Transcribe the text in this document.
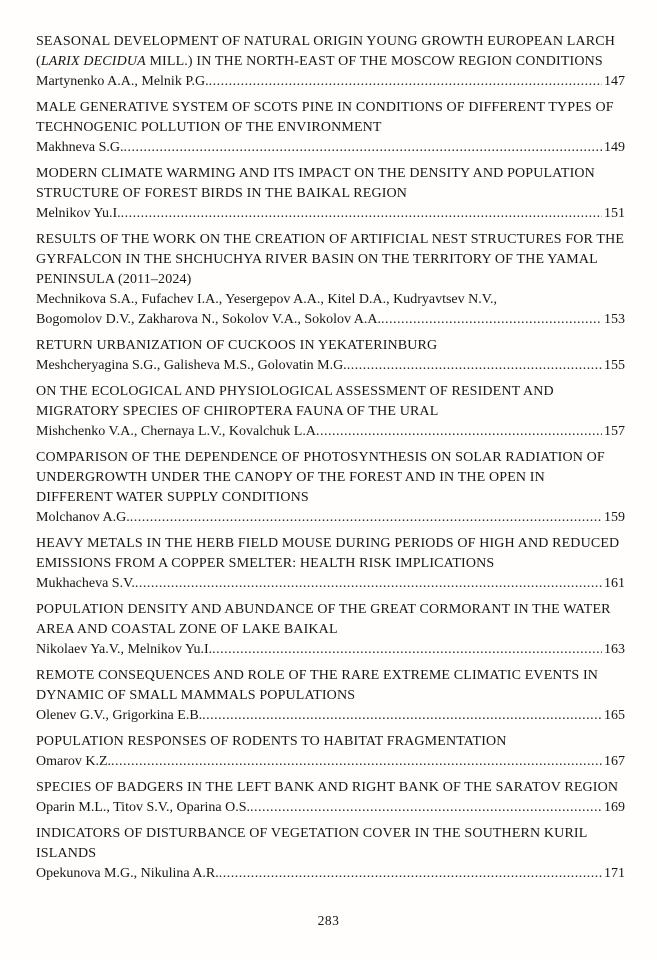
SEASONAL DEVELOPMENT OF NATURAL ORIGIN YOUNG GROWTH EUROPEAN LARCH (LARIX DECIDUA MILL.) IN THE NORTH-EAST OF THE MOSCOW REGION CONDITIONS
Martynenko A.A., Melnik P.G. .....	147
MALE GENERATIVE SYSTEM OF SCOTS PINE IN CONDITIONS OF DIFFERENT TYPES OF TECHNOGENIC POLLUTION OF THE ENVIRONMENT
Makhneva S.G. .....	149
MODERN CLIMATE WARMING AND ITS IMPACT ON THE DENSITY AND POPULATION STRUCTURE OF FOREST BIRDS IN THE BAIKAL REGION
Melnikov Yu.I. .....	151
RESULTS OF THE WORK ON THE CREATION OF ARTIFICIAL NEST STRUCTURES FOR THE GYRFALCON IN THE SHCHUCHYA RIVER BASIN ON THE TERRITORY OF THE YAMAL PENINSULA (2011–2024)
Mechnikova S.A., Fufachev I.A., Yesergepov A.A., Kitel D.A., Kudryavtsev N.V.,
Bogomolov D.V., Zakharova N., Sokolov V.A., Sokolov A.A. .....	153
RETURN URBANIZATION OF CUCKOOS IN YEKATERINBURG
Meshcheryagina S.G., Galisheva M.S., Golovatin M.G. .....	155
ON THE ECOLOGICAL AND PHYSIOLOGICAL ASSESSMENT OF RESIDENT AND MIGRATORY SPECIES OF CHIROPTERA FAUNA OF THE URAL
Mishchenko V.A., Chernaya L.V., Kovalchuk L.A .....	157
COMPARISON OF THE DEPENDENCE OF PHOTOSYNTHESIS ON SOLAR RADIATION OF UNDERGROWTH UNDER THE CANOPY OF THE FOREST AND IN THE OPEN IN DIFFERENT WATER SUPPLY CONDITIONS
Molchanov A.G. .....	159
HEAVY METALS IN THE HERB FIELD MOUSE DURING PERIODS OF HIGH AND REDUCED EMISSIONS FROM A COPPER SMELTER: HEALTH RISK IMPLICATIONS
Mukhacheva S.V. .....	161
POPULATION DENSITY AND ABUNDANCE OF THE GREAT CORMORANT IN THE WATER AREA AND COASTAL ZONE OF LAKE BAIKAL
Nikolaev Ya.V., Melnikov Yu.I. .....	163
REMOTE CONSEQUENCES AND ROLE OF THE RARE EXTREME CLIMATIC EVENTS IN DYNAMIC OF SMALL MAMMALS POPULATIONS
Olenev G.V., Grigorkina E.B. .....	165
POPULATION RESPONSES OF RODENTS TO HABITAT FRAGMENTATION
Omarov K.Z. .....	167
SPECIES OF BADGERS IN THE LEFT BANK AND RIGHT BANK OF THE SARATOV REGION
Oparin M.L., Titov S.V., Oparina O.S. .....	169
INDICATORS OF DISTURBANCE OF VEGETATION COVER IN THE SOUTHERN KURIL ISLANDS
Opekunova M.G., Nikulina A.R. .....	171
283
